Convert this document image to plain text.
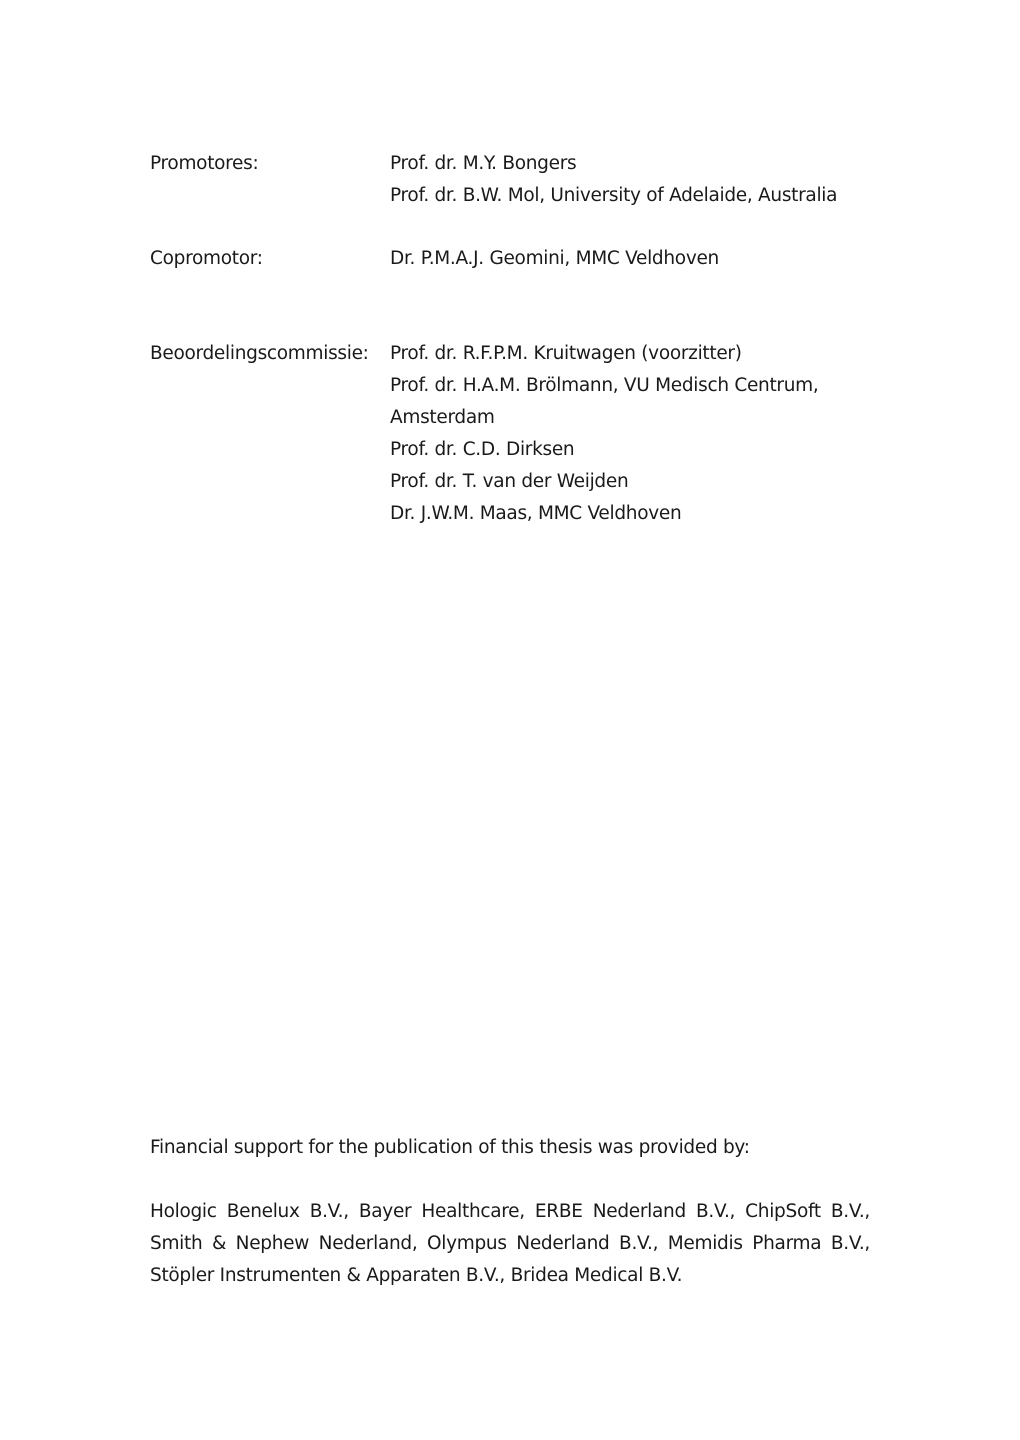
Promotores:	Prof. dr. M.Y. Bongers
Prof. dr. B.W. Mol, University of Adelaide, Australia
Copromotor:	Dr. P.M.A.J. Geomini, MMC Veldhoven
Beoordelingscommissie:	Prof. dr. R.F.P.M. Kruitwagen (voorzitter)
Prof. dr. H.A.M. Brölmann, VU Medisch Centrum, Amsterdam
Prof. dr. C.D. Dirksen
Prof. dr. T. van der Weijden
Dr. J.W.M. Maas, MMC Veldhoven

Financial support for the publication of this thesis was provided by:

Hologic Benelux B.V., Bayer Healthcare, ERBE Nederland B.V., ChipSoft B.V., Smith & Nephew Nederland, Olympus Nederland B.V., Memidis Pharma B.V., Stöpler Instrumenten & Apparaten B.V., Bridea Medical B.V.
